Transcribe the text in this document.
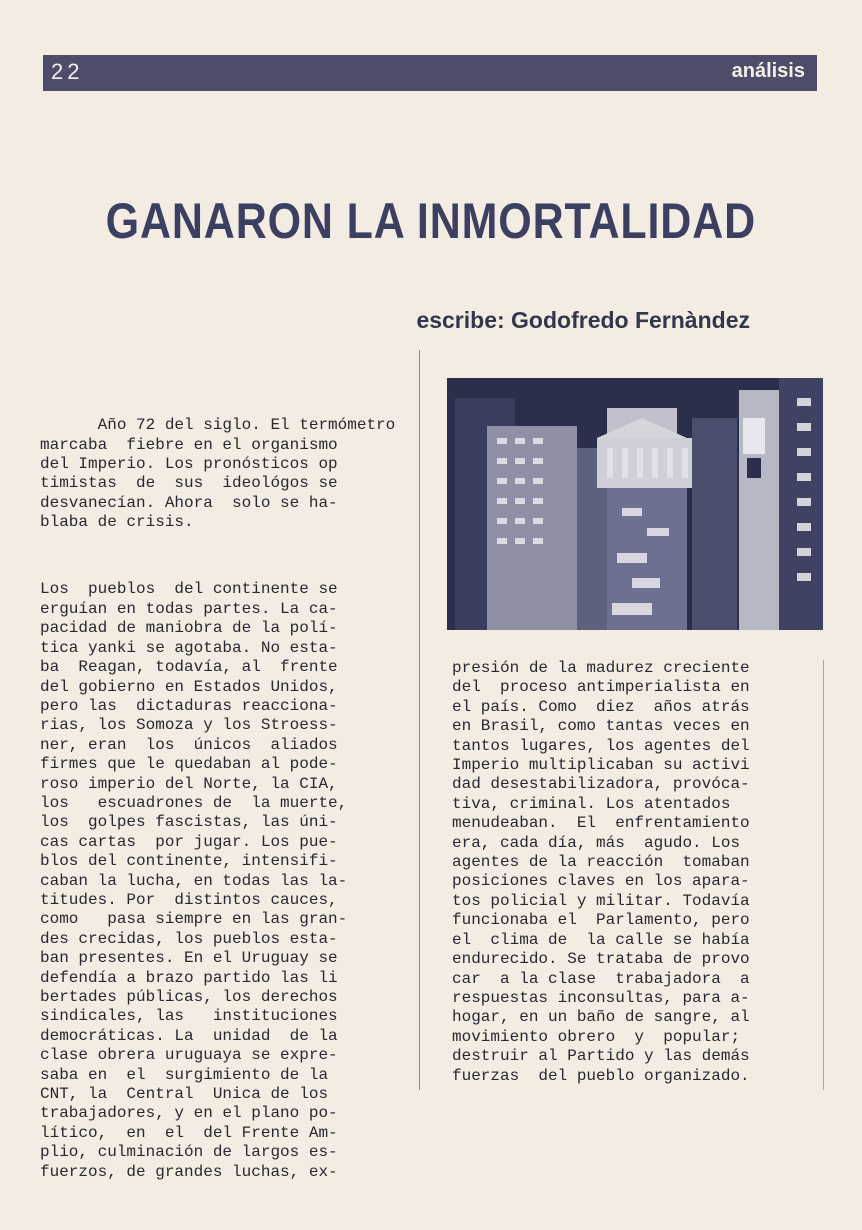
22	análisis
GANARON LA INMORTALIDAD
escribe: Godofredo Fernàndez

Año 72 del siglo. El termómetro
marcaba  fiebre en el organismo
del Imperio. Los pronósticos op
timistas  de  sus  ideológos se
desvanecían. Ahora  solo se ha-
blaba de crisis.

Los  pueblos  del continente se
erguían en todas partes. La ca-
pacidad de maniobra de la polí-
tica yanki se agotaba. No esta-
ba  Reagan, todavía, al  frente
del gobierno en Estados Unidos,
pero las  dictaduras reacciona-
rias, los Somoza y los Stroess-
ner, eran  los  únicos  aliados
firmes que le quedaban al pode-
roso imperio del Norte, la CIA,
los   escuadrones de  la muerte,
los  golpes fascistas, las úni-
cas cartas  por jugar. Los pue-
blos del continente, intensifi-
caban la lucha, en todas las la-
titudes. Por  distintos cauces,
como   pasa siempre en las gran-
des crecidas, los pueblos esta-
ban presentes. En el Uruguay se
defendía a brazo partido las li
bertades públicas, los derechos
sindicales, las   instituciones
democráticas. La  unidad  de la
clase obrera uruguaya se expre-
saba en  el  surgimiento de la
CNT, la  Central  Unica de los
trabajadores, y en el plano po-
lítico,  en  el  del Frente Am-
plio, culminación de largos es-
fuerzos, de grandes luchas, ex-

presión de la madurez creciente
del  proceso antimperialista en
el país. Como  diez  años atrás
en Brasil, como tantas veces en
tantos lugares, los agentes del
Imperio multiplicaban su activi
dad desestabilizadora, provóca-
tiva, criminal. Los atentados
menudeaban.  El  enfrentamiento
era, cada día, más  agudo. Los
agentes de la reacción  tomaban
posiciones claves en los apara-
tos policial y militar. Todavía
funcionaba el  Parlamento, pero
el  clima de  la calle se había
endurecido. Se trataba de provo
car  a la clase  trabajadora  a
respuestas inconsultas, para a-
hogar, en un baño de sangre, al
movimiento obrero  y  popular;
destruir al Partido y las demás
fuerzas  del pueblo organizado.
